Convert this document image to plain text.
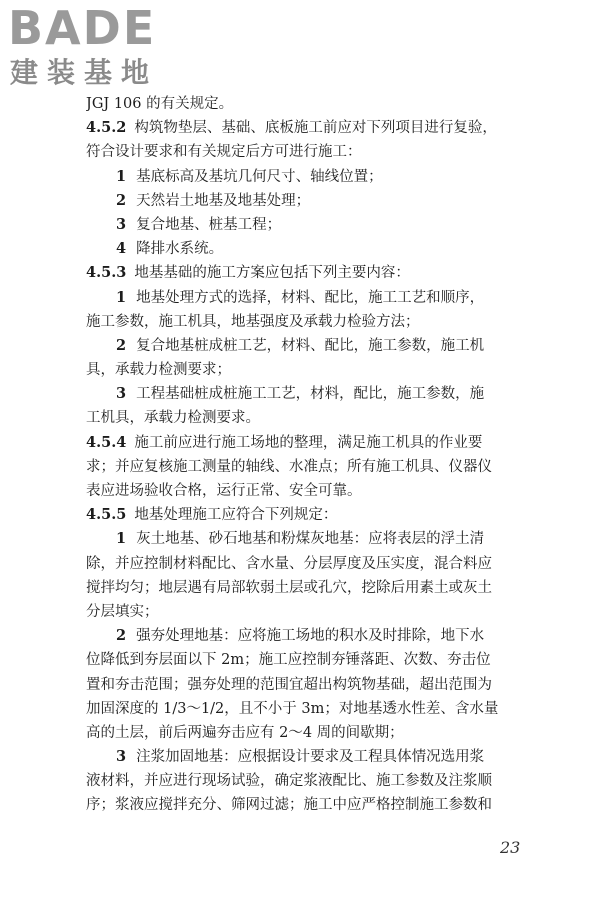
BADE
建装基地
JGJ 106 的有关规定。
4.5.2 构筑物垫层、基础、底板施工前应对下列项目进行复验，
符合设计要求和有关规定后方可进行施工：
1 基底标高及基坑几何尺寸、轴线位置；
2 天然岩土地基及地基处理；
3 复合地基、桩基工程；
4 降排水系统。
4.5.3 地基基础的施工方案应包括下列主要内容：
1 地基处理方式的选择，材料、配比，施工工艺和顺序，
施工参数，施工机具，地基强度及承载力检验方法；
2 复合地基桩成桩工艺，材料、配比，施工参数，施工机
具，承载力检测要求；
3 工程基础桩成桩施工工艺，材料，配比，施工参数，施
工机具，承载力检测要求。
4.5.4 施工前应进行施工场地的整理，满足施工机具的作业要
求；并应复核施工测量的轴线、水准点；所有施工机具、仪器仪
表应进场验收合格，运行正常、安全可靠。
4.5.5 地基处理施工应符合下列规定：
1 灰土地基、砂石地基和粉煤灰地基：应将表层的浮土清
除，并应控制材料配比、含水量、分层厚度及压实度，混合料应
搅拌均匀；地层遇有局部软弱土层或孔穴，挖除后用素土或灰土
分层填实；
2 强夯处理地基：应将施工场地的积水及时排除，地下水
位降低到夯层面以下 2m；施工应控制夯锤落距、次数、夯击位
置和夯击范围；强夯处理的范围宜超出构筑物基础，超出范围为
加固深度的 1/3～1/2，且不小于 3m；对地基透水性差、含水量
高的土层，前后两遍夯击应有 2～4 周的间歇期；
3 注浆加固地基：应根据设计要求及工程具体情况选用浆
液材料，并应进行现场试验，确定浆液配比、施工参数及注浆顺
序；浆液应搅拌充分、筛网过滤；施工中应严格控制施工参数和
23
